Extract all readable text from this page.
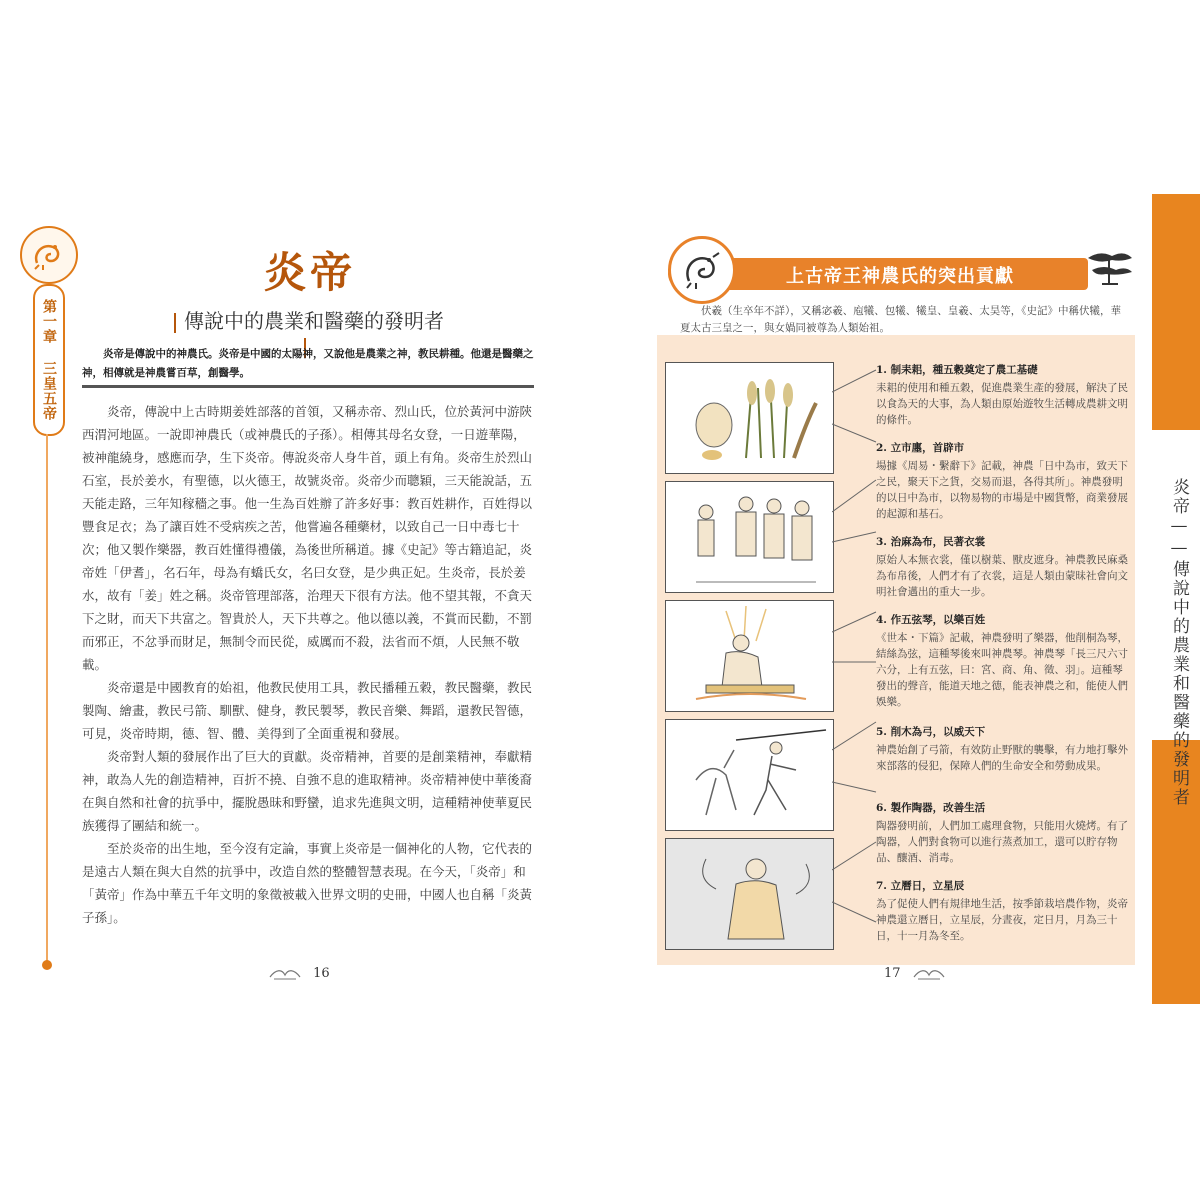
第一章 三皇五帝
炎帝
傳說中的農業和醫藥的發明者
炎帝是傳說中的神農氏。炎帝是中國的太陽神，又說他是農業之神，教民耕種。他還是醫藥之神，相傳就是神農嘗百草，創醫學。

炎帝，傳說中上古時期姜姓部落的首領，又稱赤帝、烈山氏，位於黃河中游陝西渭河地區。一說即神農氏（或神農氏的子孫）。相傳其母名女登，一日遊華陽，被神龍繞身，感應而孕，生下炎帝。傳說炎帝人身牛首，頭上有角。炎帝生於烈山石室，長於姜水，有聖德，以火德王，故號炎帝。炎帝少而聰穎，三天能說話，五天能走路，三年知稼穡之事。他一生為百姓辦了許多好事：教百姓耕作，百姓得以豐食足衣；為了讓百姓不受病疾之苦，他嘗遍各種藥材，以致自己一日中毒七十次；他又製作樂器，教百姓懂得禮儀，為後世所稱道。據《史記》等古籍追記，炎帝姓「伊耆」，名石年，母為有蟜氏女，名曰女登，是少典正妃。生炎帝，長於姜水，故有「姜」姓之稱。炎帝管理部落，治理天下很有方法。他不望其報，不貪天下之財，而天下共富之。智貴於人，天下共尊之。他以德以義，不賞而民勸，不罰而邪正，不忿爭而財足，無制令而民從，威厲而不殺，法省而不煩，人民無不敬載。

炎帝還是中國教育的始祖，他教民使用工具，教民播種五穀，教民醫藥，教民製陶、繪畫，教民弓箭、馴獸、健身，教民製琴，教民音樂、舞蹈，還教民智德，可見，炎帝時期，德、智、體、美得到了全面重視和發展。

炎帝對人類的發展作出了巨大的貢獻。炎帝精神，首要的是創業精神，奉獻精神，敢為人先的創造精神，百折不撓、自強不息的進取精神。炎帝精神使中華後裔在與自然和社會的抗爭中，擺脫愚昧和野蠻，追求先進與文明，這種精神使華夏民族獲得了團結和統一。

至於炎帝的出生地，至今沒有定論，事實上炎帝是一個神化的人物，它代表的是遠古人類在與大自然的抗爭中，改造自然的整體智慧表現。在今天，「炎帝」和「黃帝」作為中華五千年文明的象徵被載入世界文明的史冊，中國人也自稱「炎黃子孫」。

$^{16}$
上古帝王神農氏的突出貢獻
伏羲（生卒年不詳），又稱宓羲、庖犧、包犧、犧皇、皇羲、太昊等，《史記》中稱伏犧，華夏太古三皇之一，與女媧同被尊為人類始祖。
1. 制耒耜，種五穀奠定了農工基礎
耒耜的使用和種五穀，促進農業生產的發展，解決了民以食為天的大事，為人類由原始遊牧生活轉成農耕文明的條件。
2. 立市廛，首辟市
場據《周易・繫辭下》記載，神農「日中為市，致天下之民，聚天下之貨，交易而退，各得其所」。神農發明的以日中為市，以物易物的市場是中國貨幣，商業發展的起源和基石。
3. 治麻為布，民著衣裳
原始人本無衣裳，僅以樹葉、獸皮遮身。神農教民麻桑為布帛後，人們才有了衣裳，這是人類由蒙昧社會向文明社會邁出的重大一步。
4. 作五弦琴，以樂百姓
《世本・下篇》記載，神農發明了樂器，他削桐為琴，結絲為弦，這種琴後來叫神農琴。神農琴「長三尺六寸六分，上有五弦，曰：宮、商、角、徵、羽」。這種琴發出的聲音，能道天地之德，能表神農之和，能使人們娛樂。
5. 削木為弓，以威天下
神農始創了弓箭，有效防止野獸的襲擊，有力地打擊外來部落的侵犯，保障人們的生命安全和勞動成果。
6. 製作陶器，改善生活
陶器發明前，人們加工處理食物，只能用火燒烤。有了陶器，人們對食物可以進行蒸煮加工，還可以貯存物品、釀酒、消毒。
7. 立曆日，立星辰
為了促使人們有規律地生活，按季節栽培農作物，炎帝神農還立曆日，立星辰，分晝夜，定日月，月為三十日，十一月為冬至。
$^{17}$
炎帝——傳說中的農業和醫藥的發明者
